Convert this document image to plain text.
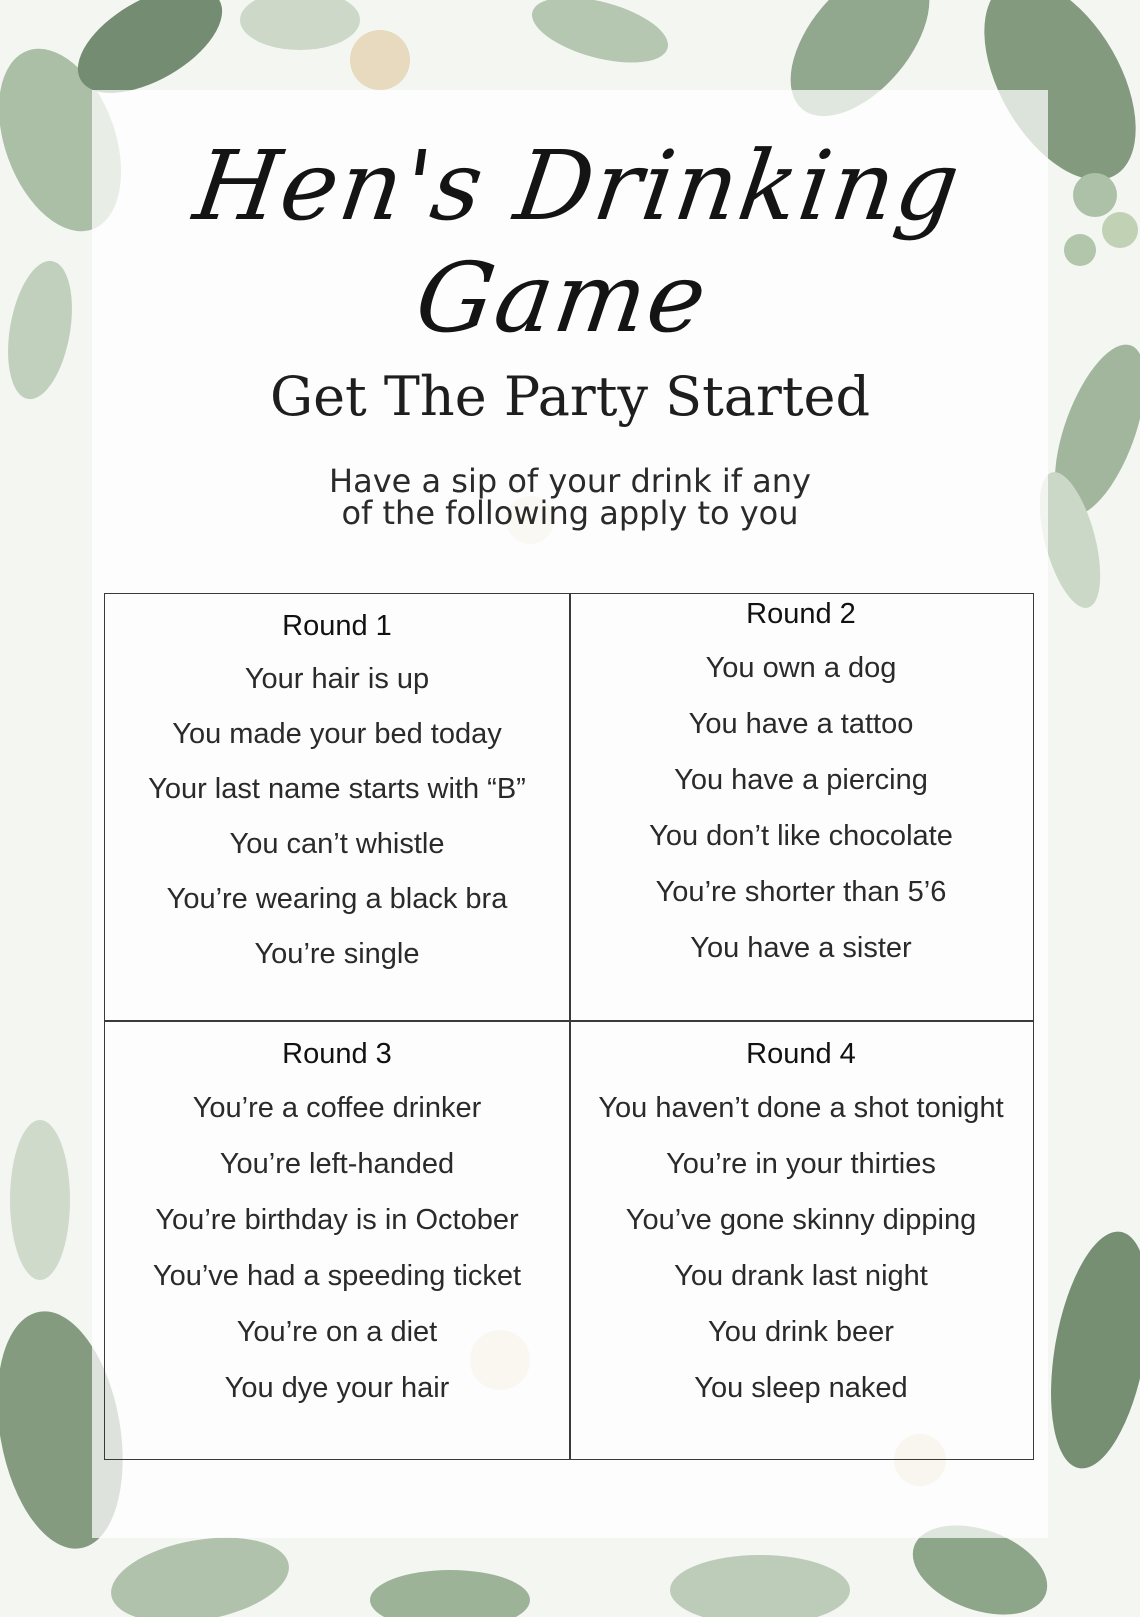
Hen's Drinking Game
Get The Party Started
Have a sip of your drink if any
of the following apply to you
Round 1
Your hair is up
You made your bed today
Your last name starts with “B”
You can’t whistle
You’re wearing a black bra
You’re single
Round 2
You own a dog
You have a tattoo
You have a piercing
You don’t like chocolate
You’re shorter than 5’6
You have a sister
Round 3
You’re a coffee drinker
You’re left-handed
You’re birthday is in October
You’ve had a speeding ticket
You’re on a diet
You dye your hair
Round 4
You haven’t done a shot tonight
You’re in your thirties
You’ve gone skinny dipping
You drank last night
You drink beer
You sleep naked
